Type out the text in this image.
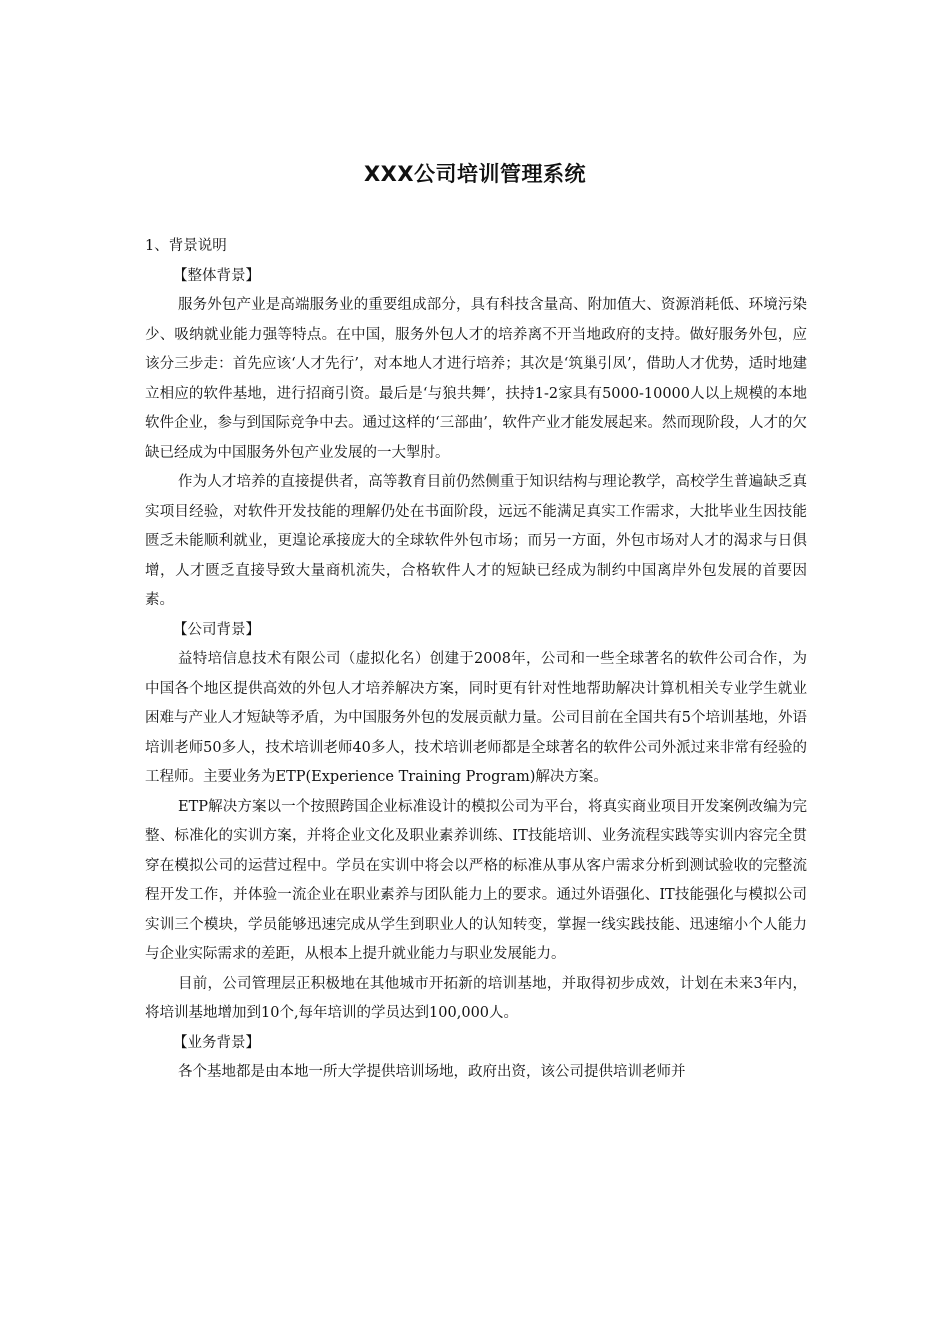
XXX公司培训管理系统
1、背景说明
【整体背景】

服务外包产业是高端服务业的重要组成部分，具有科技含量高、附加值大、资源消耗低、环境污染少、吸纳就业能力强等特点。在中国，服务外包人才的培养离不开当地政府的支持。做好服务外包，应该分三步走：首先应该‘人才先行’，对本地人才进行培养；其次是‘筑巢引凤’，借助人才优势，适时地建立相应的软件基地，进行招商引资。最后是‘与狼共舞’，扶持1-2家具有5000-10000人以上规模的本地软件企业，参与到国际竞争中去。通过这样的‘三部曲’，软件产业才能发展起来。然而现阶段，人才的欠缺已经成为中国服务外包产业发展的一大掣肘。

作为人才培养的直接提供者，高等教育目前仍然侧重于知识结构与理论教学，高校学生普遍缺乏真实项目经验，对软件开发技能的理解仍处在书面阶段，远远不能满足真实工作需求，大批毕业生因技能匮乏未能顺利就业，更遑论承接庞大的全球软件外包市场；而另一方面，外包市场对人才的渴求与日俱增，人才匮乏直接导致大量商机流失，合格软件人才的短缺已经成为制约中国离岸外包发展的首要因素。

【公司背景】

益特培信息技术有限公司（虚拟化名）创建于2008年，公司和一些全球著名的软件公司合作，为中国各个地区提供高效的外包人才培养解决方案，同时更有针对性地帮助解决计算机相关专业学生就业困难与产业人才短缺等矛盾，为中国服务外包的发展贡献力量。公司目前在全国共有5个培训基地，外语培训老师50多人，技术培训老师40多人，技术培训老师都是全球著名的软件公司外派过来非常有经验的工程师。主要业务为ETP(Experience Training Program)解决方案。

ETP解决方案以一个按照跨国企业标准设计的模拟公司为平台，将真实商业项目开发案例改编为完整、标准化的实训方案，并将企业文化及职业素养训练、IT技能培训、业务流程实践等实训内容完全贯穿在模拟公司的运营过程中。学员在实训中将会以严格的标准从事从客户需求分析到测试验收的完整流程开发工作，并体验一流企业在职业素养与团队能力上的要求。通过外语强化、IT技能强化与模拟公司实训三个模块，学员能够迅速完成从学生到职业人的认知转变，掌握一线实践技能、迅速缩小个人能力与企业实际需求的差距，从根本上提升就业能力与职业发展能力。

目前，公司管理层正积极地在其他城市开拓新的培训基地，并取得初步成效，计划在未来3年内，将培训基地增加到10个,每年培训的学员达到100,000人。

【业务背景】

各个基地都是由本地一所大学提供培训场地，政府出资，该公司提供培训老师并
